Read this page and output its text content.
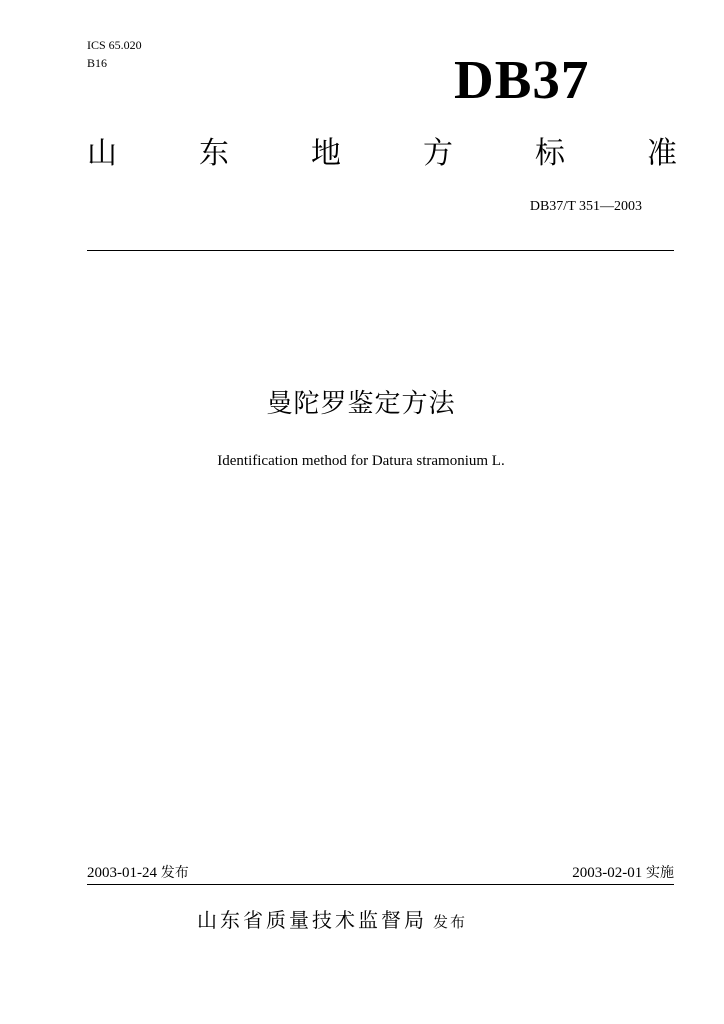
ICS 65.020
B16	DB37
山	东	地	方	标	准
DB37/T 351—2003
曼陀罗鉴定方法
Identification method for Datura stramonium L.
2003-01-24 发布	2003-02-01 实施
山东省质量技术监督局 发布
